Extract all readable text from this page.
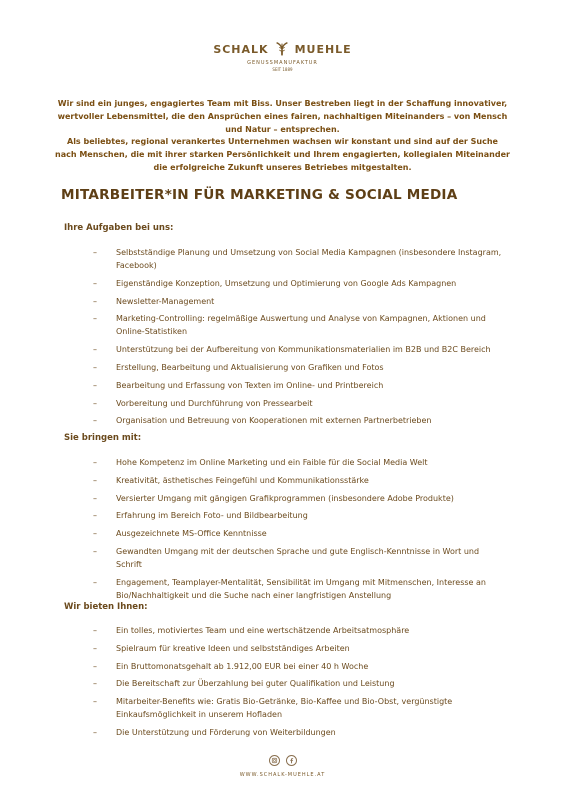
SCHALK MUEHLE
GENUSSMANUFAKTUR
SEIT 1889
Wir sind ein junges, engagiertes Team mit Biss. Unser Bestreben liegt in der Schaffung innovativer, wertvoller Lebensmittel, die den Ansprüchen eines fairen, nachhaltigen Miteinanders – von Mensch und Natur – entsprechen.
Als beliebtes, regional verankertes Unternehmen wachsen wir konstant und sind auf der Suche nach Menschen, die mit ihrer starken Persönlichkeit und Ihrem engagierten, kollegialen Miteinander die erfolgreiche Zukunft unseres Betriebes mitgestalten.
MITARBEITER*IN FÜR MARKETING & SOCIAL MEDIA
Ihre Aufgaben bei uns:
– Selbstständige Planung und Umsetzung von Social Media Kampagnen (insbesondere Instagram, Facebook)
– Eigenständige Konzeption, Umsetzung und Optimierung von Google Ads Kampagnen
– Newsletter-Management
– Marketing-Controlling: regelmäßige Auswertung und Analyse von Kampagnen, Aktionen und Online-Statistiken
– Unterstützung bei der Aufbereitung von Kommunikationsmaterialien im B2B und B2C Bereich
– Erstellung, Bearbeitung und Aktualisierung von Grafiken und Fotos
– Bearbeitung und Erfassung von Texten im Online- und Printbereich
– Vorbereitung und Durchführung von Pressearbeit
– Organisation und Betreuung von Kooperationen mit externen Partnerbetrieben
Sie bringen mit:
– Hohe Kompetenz im Online Marketing und ein Faible für die Social Media Welt
– Kreativität, ästhetisches Feingefühl und Kommunikationsstärke
– Versierter Umgang mit gängigen Grafikprogrammen (insbesondere Adobe Produkte)
– Erfahrung im Bereich Foto- und Bildbearbeitung
– Ausgezeichnete MS-Office Kenntnisse
– Gewandten Umgang mit der deutschen Sprache und gute Englisch-Kenntnisse in Wort und Schrift
– Engagement, Teamplayer-Mentalität, Sensibilität im Umgang mit Mitmenschen, Interesse an Bio/Nachhaltigkeit und die Suche nach einer langfristigen Anstellung
Wir bieten Ihnen:
– Ein tolles, motiviertes Team und eine wertschätzende Arbeitsatmosphäre
– Spielraum für kreative Ideen und selbstständiges Arbeiten
– Ein Bruttomonatsgehalt ab 1.912,00 EUR bei einer 40 h Woche
– Die Bereitschaft zur Überzahlung bei guter Qualifikation und Leistung
– Mitarbeiter-Benefits wie: Gratis Bio-Getränke, Bio-Kaffee und Bio-Obst, vergünstigte Einkaufsmöglichkeit in unserem Hofladen
– Die Unterstützung und Förderung von Weiterbildungen
WWW.SCHALK-MUEHLE.AT
